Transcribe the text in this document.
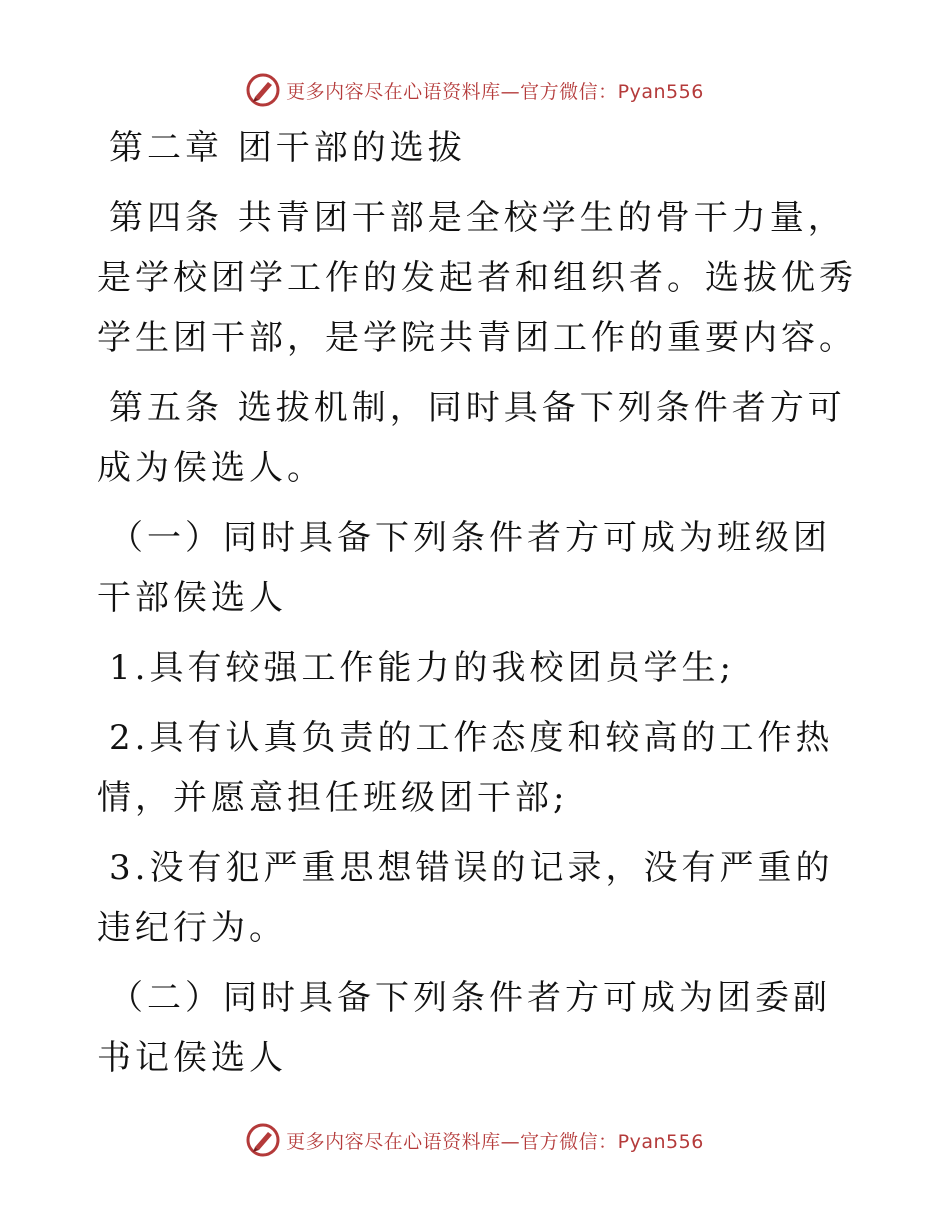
更多内容尽在心语资料库—官方微信：Pyan556

第二章 团干部的选拔

第四条 共青团干部是全校学生的骨干力量，是学校团学工作的发起者和组织者。选拔优秀学生团干部，是学院共青团工作的重要内容。

第五条 选拔机制，同时具备下列条件者方可成为侯选人。

（一）同时具备下列条件者方可成为班级团干部侯选人

1.具有较强工作能力的我校团员学生;

2.具有认真负责的工作态度和较高的工作热情，并愿意担任班级团干部;

3.没有犯严重思想错误的记录，没有严重的违纪行为。

（二）同时具备下列条件者方可成为团委副书记侯选人

更多内容尽在心语资料库—官方微信：Pyan556
